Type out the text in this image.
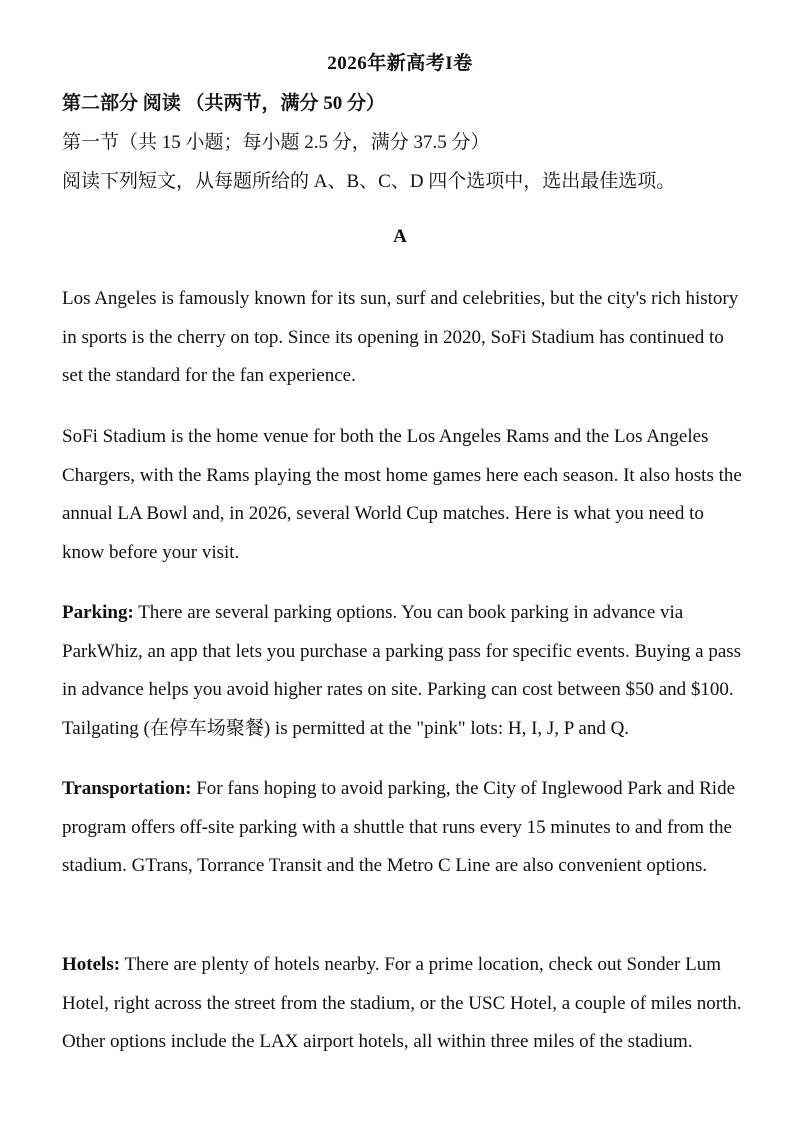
2026年新高考I卷
第二部分 阅读 （共两节，满分 50 分）
第一节（共 15 小题；每小题 2.5 分，满分 37.5 分）
阅读下列短文，从每题所给的 A、B、C、D 四个选项中，选出最佳选项。
A

Los Angeles is famously known for its sun, surf and celebrities, but the city's rich history in sports is the cherry on top. Since its opening in 2020, SoFi Stadium has continued to set the standard for the fan experience.

SoFi Stadium is the home venue for both the Los Angeles Rams and the Los Angeles Chargers, with the Rams playing the most home games here each season. It also hosts the annual LA Bowl and, in 2026, several World Cup matches. Here is what you need to know before your visit.

Parking: There are several parking options. You can book parking in advance via ParkWhiz, an app that lets you purchase a parking pass for specific events. Buying a pass in advance helps you avoid higher rates on site. Parking can cost between $50 and $100. Tailgating (在停车场聚餐) is permitted at the "pink" lots: H, I, J, P and Q.

Transportation: For fans hoping to avoid parking, the City of Inglewood Park and Ride program offers off-site parking with a shuttle that runs every 15 minutes to and from the stadium. GTrans, Torrance Transit and the Metro C Line are also convenient options.

Hotels: There are plenty of hotels nearby. For a prime location, check out Sonder Lum Hotel, right across the street from the stadium, or the USC Hotel, a couple of miles north. Other options include the LAX airport hotels, all within three miles of the stadium.
